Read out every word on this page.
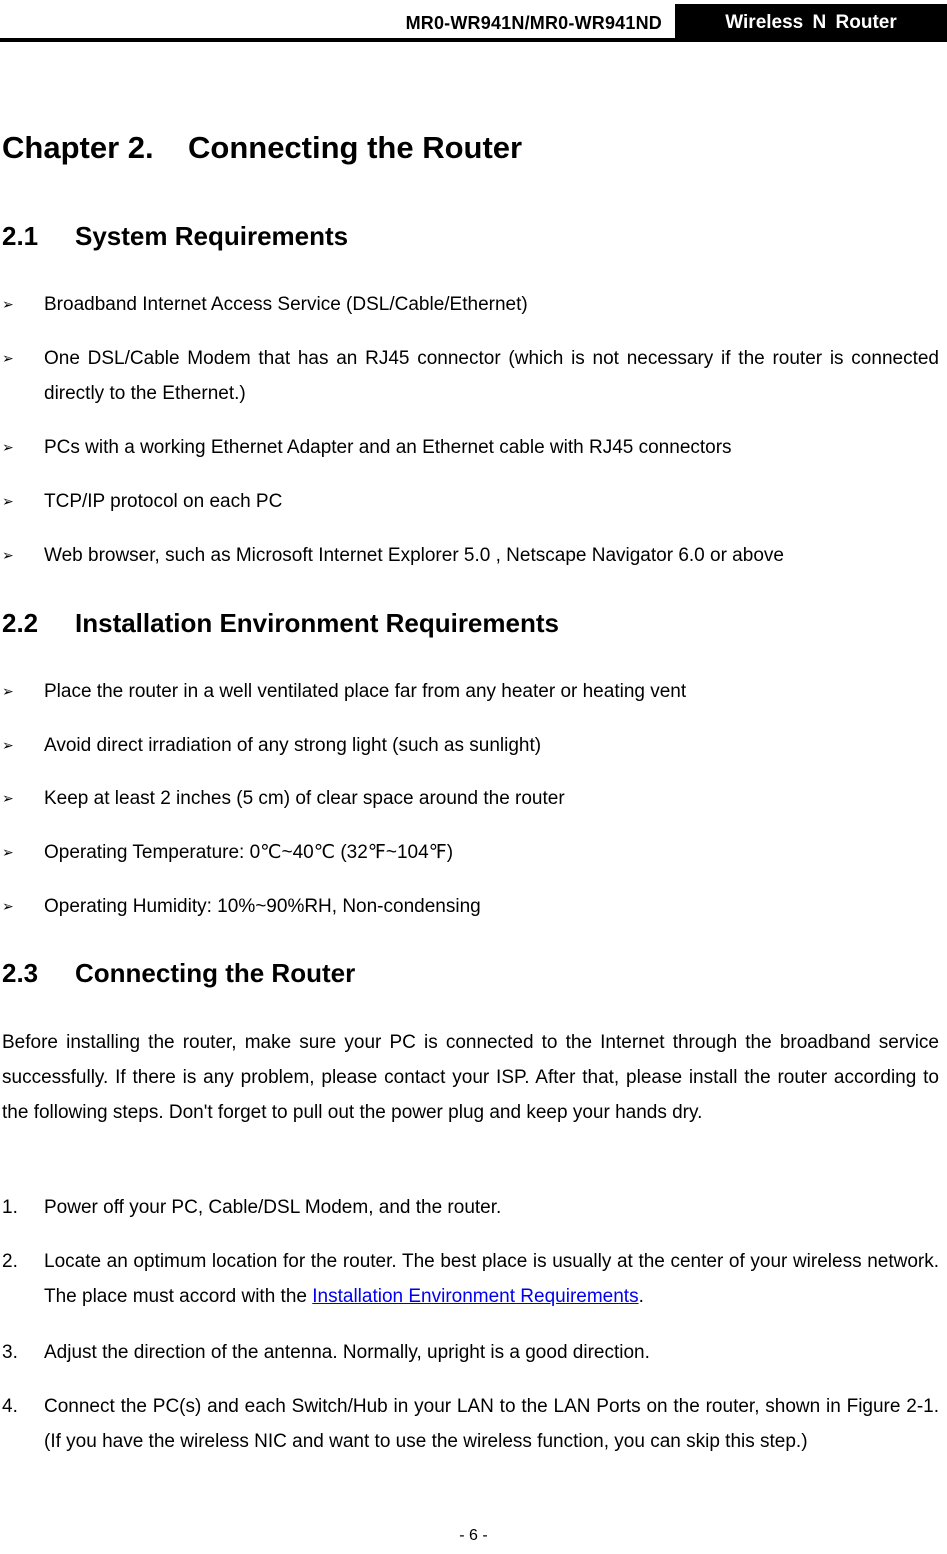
MR0-WR941N/MR0-WR941ND	Wireless N Router
Chapter 2. Connecting the Router
2.1 System Requirements
➢ Broadband Internet Access Service (DSL/Cable/Ethernet)
➢ One DSL/Cable Modem that has an RJ45 connector (which is not necessary if the router is connected directly to the Ethernet.)
➢ PCs with a working Ethernet Adapter and an Ethernet cable with RJ45 connectors
➢ TCP/IP protocol on each PC
➢ Web browser, such as Microsoft Internet Explorer 5.0 , Netscape Navigator 6.0 or above
2.2 Installation Environment Requirements
➢ Place the router in a well ventilated place far from any heater or heating vent
➢ Avoid direct irradiation of any strong light (such as sunlight)
➢ Keep at least 2 inches (5 cm) of clear space around the router
➢ Operating Temperature: 0℃~40℃ (32℉~104℉)
➢ Operating Humidity: 10%~90%RH, Non-condensing
2.3 Connecting the Router
Before installing the router, make sure your PC is connected to the Internet through the broadband service successfully. If there is any problem, please contact your ISP. After that, please install the router according to the following steps. Don't forget to pull out the power plug and keep your hands dry.
1. Power off your PC, Cable/DSL Modem, and the router.
2. Locate an optimum location for the router. The best place is usually at the center of your wireless network. The place must accord with the Installation Environment Requirements.
3. Adjust the direction of the antenna. Normally, upright is a good direction.
4. Connect the PC(s) and each Switch/Hub in your LAN to the LAN Ports on the router, shown in Figure 2-1. (If you have the wireless NIC and want to use the wireless function, you can skip this step.)
- 6 -
